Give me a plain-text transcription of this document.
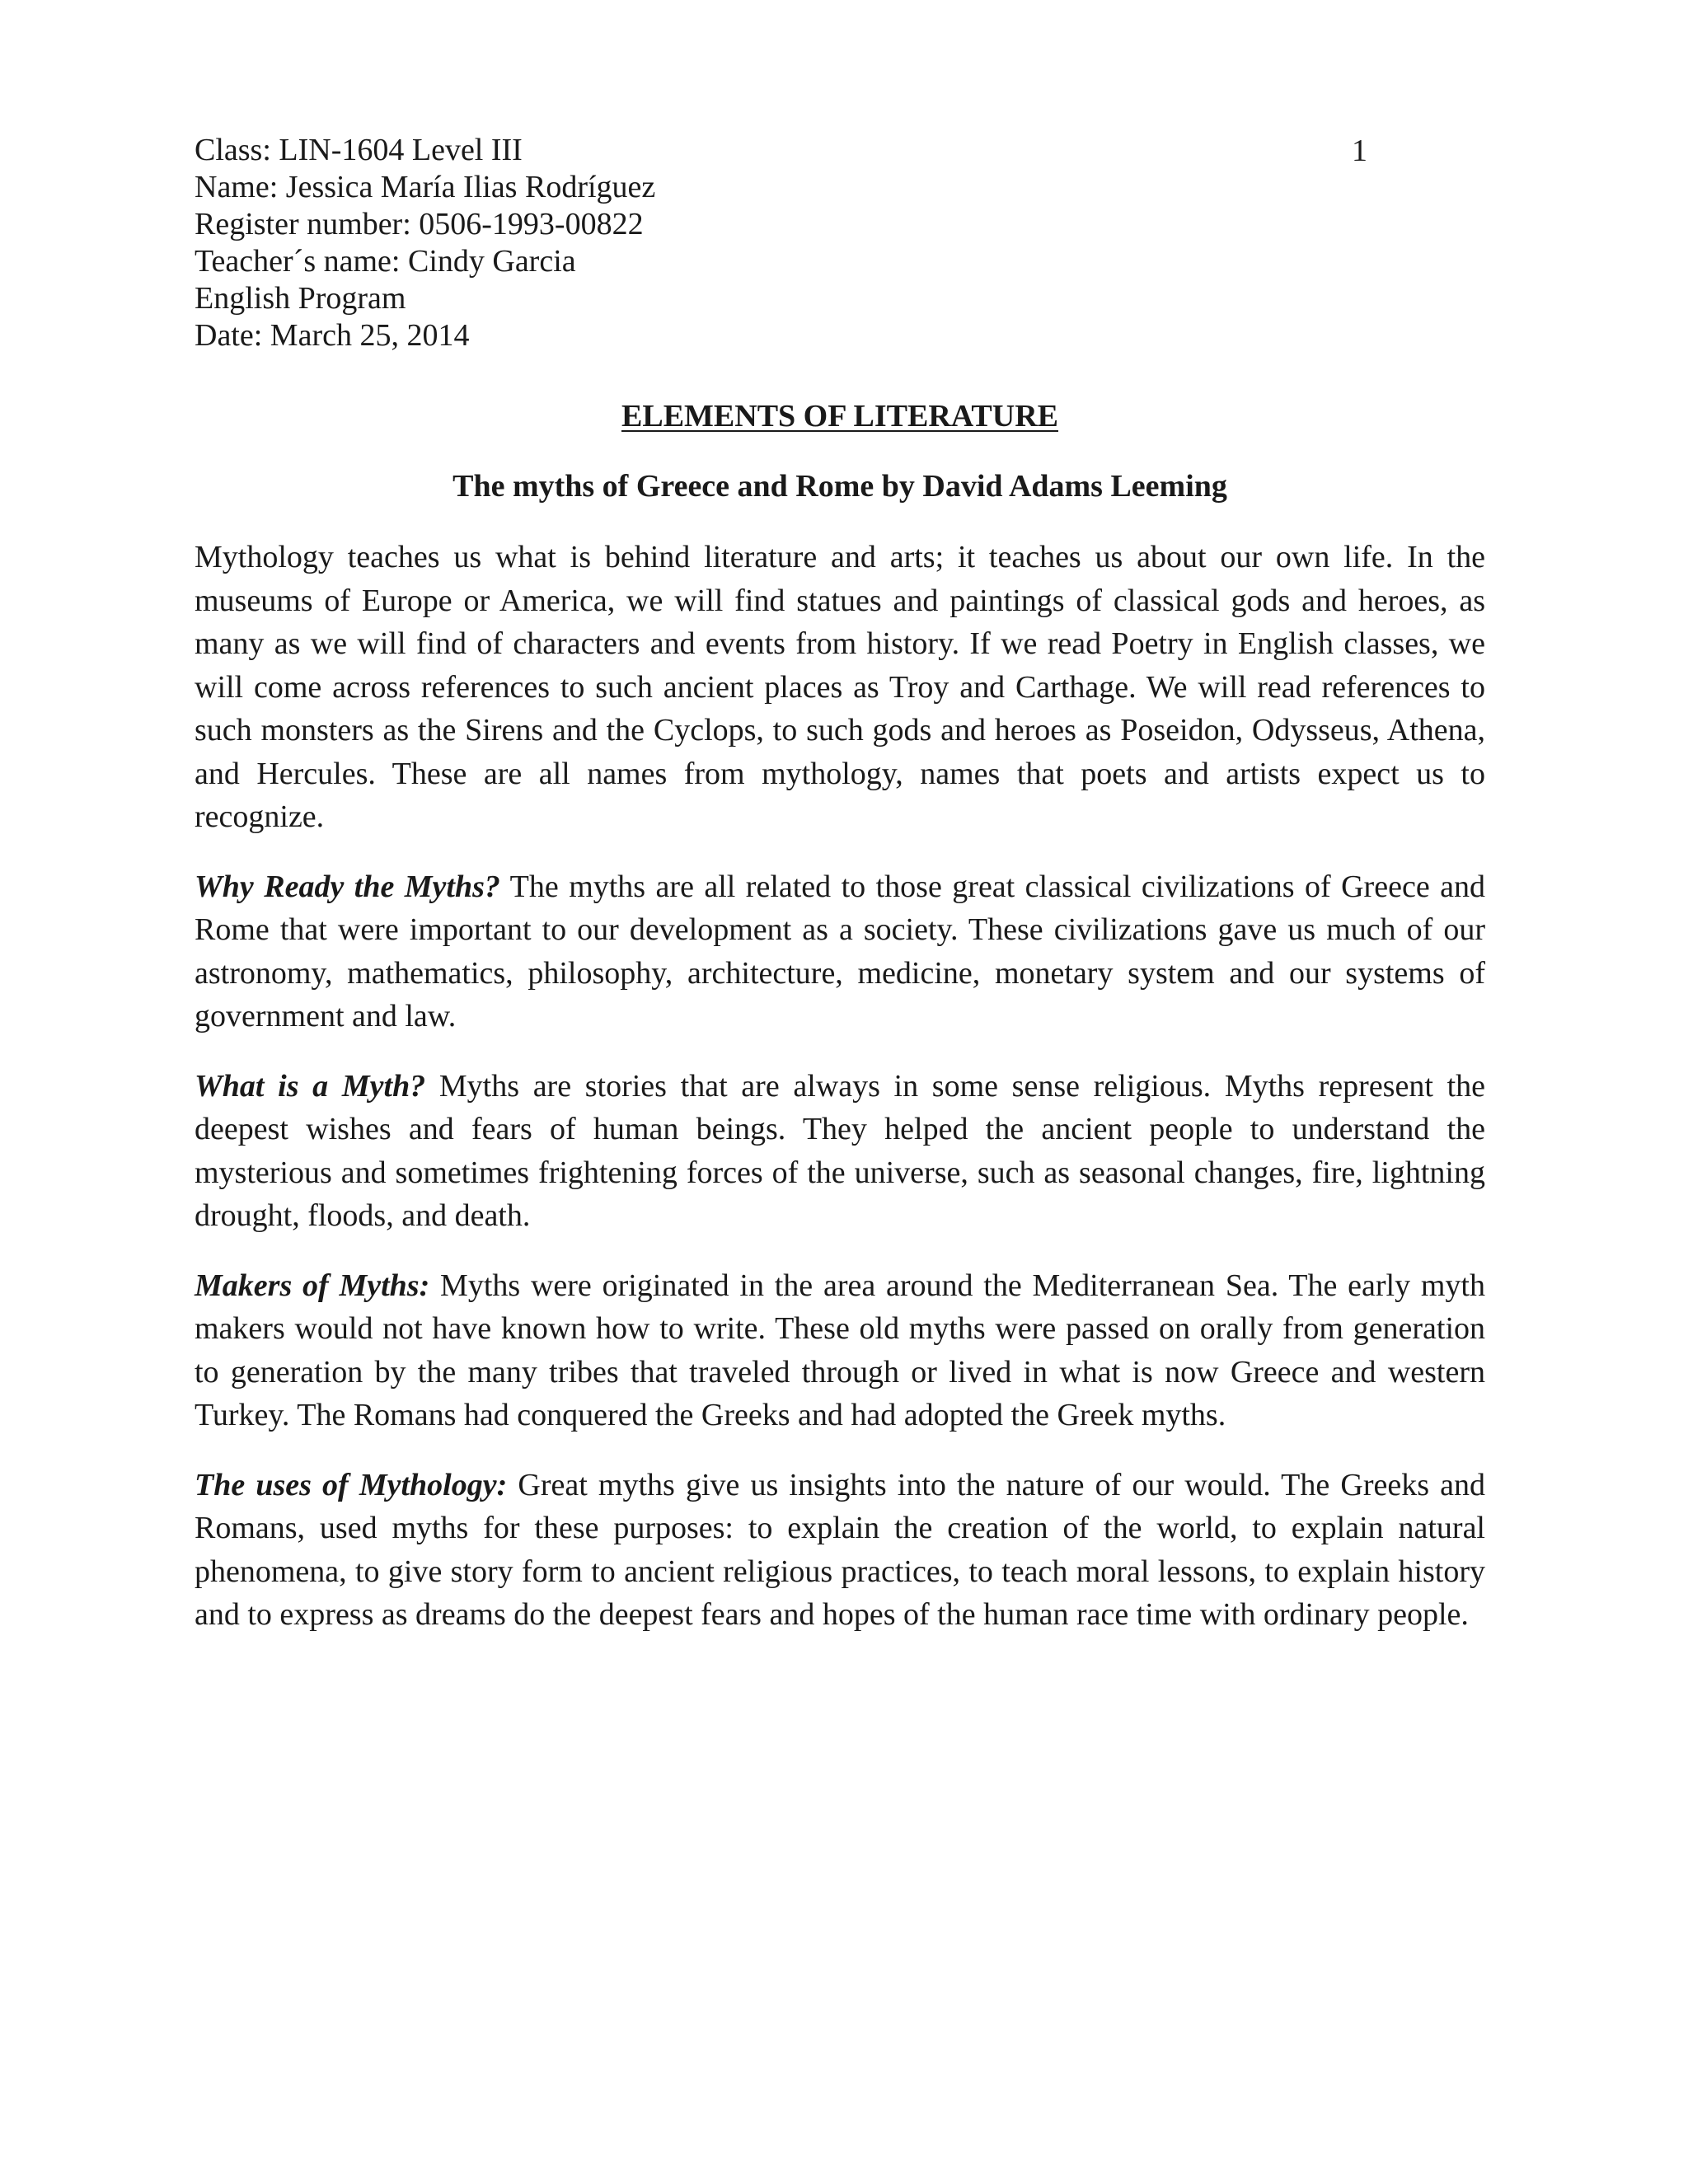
1
Class: LIN-1604 Level III
Name: Jessica María Ilias Rodríguez
Register number: 0506-1993-00822
Teacher´s name: Cindy Garcia
English Program
Date: March 25, 2014
ELEMENTS OF LITERATURE
The myths of Greece and Rome by David Adams Leeming

Mythology teaches us what is behind literature and arts; it teaches us about our own life. In the museums of Europe or America, we will find statues and paintings of classical gods and heroes, as many as we will find of characters and events from history. If we read Poetry in English classes, we will come across references to such ancient places as Troy and Carthage. We will read references to such monsters as the Sirens and the Cyclops, to such gods and heroes as Poseidon, Odysseus, Athena, and Hercules. These are all names from mythology, names that poets and artists expect us to recognize.

Why Ready the Myths? The myths are all related to those great classical civilizations of Greece and Rome that were important to our development as a society. These civilizations gave us much of our astronomy, mathematics, philosophy, architecture, medicine, monetary system and our systems of government and law.

What is a Myth? Myths are stories that are always in some sense religious. Myths represent the deepest wishes and fears of human beings. They helped the ancient people to understand the mysterious and sometimes frightening forces of the universe, such as seasonal changes, fire, lightning drought, floods, and death.

Makers of Myths: Myths were originated in the area around the Mediterranean Sea. The early myth makers would not have known how to write. These old myths were passed on orally from generation to generation by the many tribes that traveled through or lived in what is now Greece and western Turkey. The Romans had conquered the Greeks and had adopted the Greek myths.

The uses of Mythology: Great myths give us insights into the nature of our would. The Greeks and Romans, used myths for these purposes: to explain the creation of the world, to explain natural phenomena, to give story form to ancient religious practices, to teach moral lessons, to explain history and to express as dreams do the deepest fears and hopes of the human race time with ordinary people.
